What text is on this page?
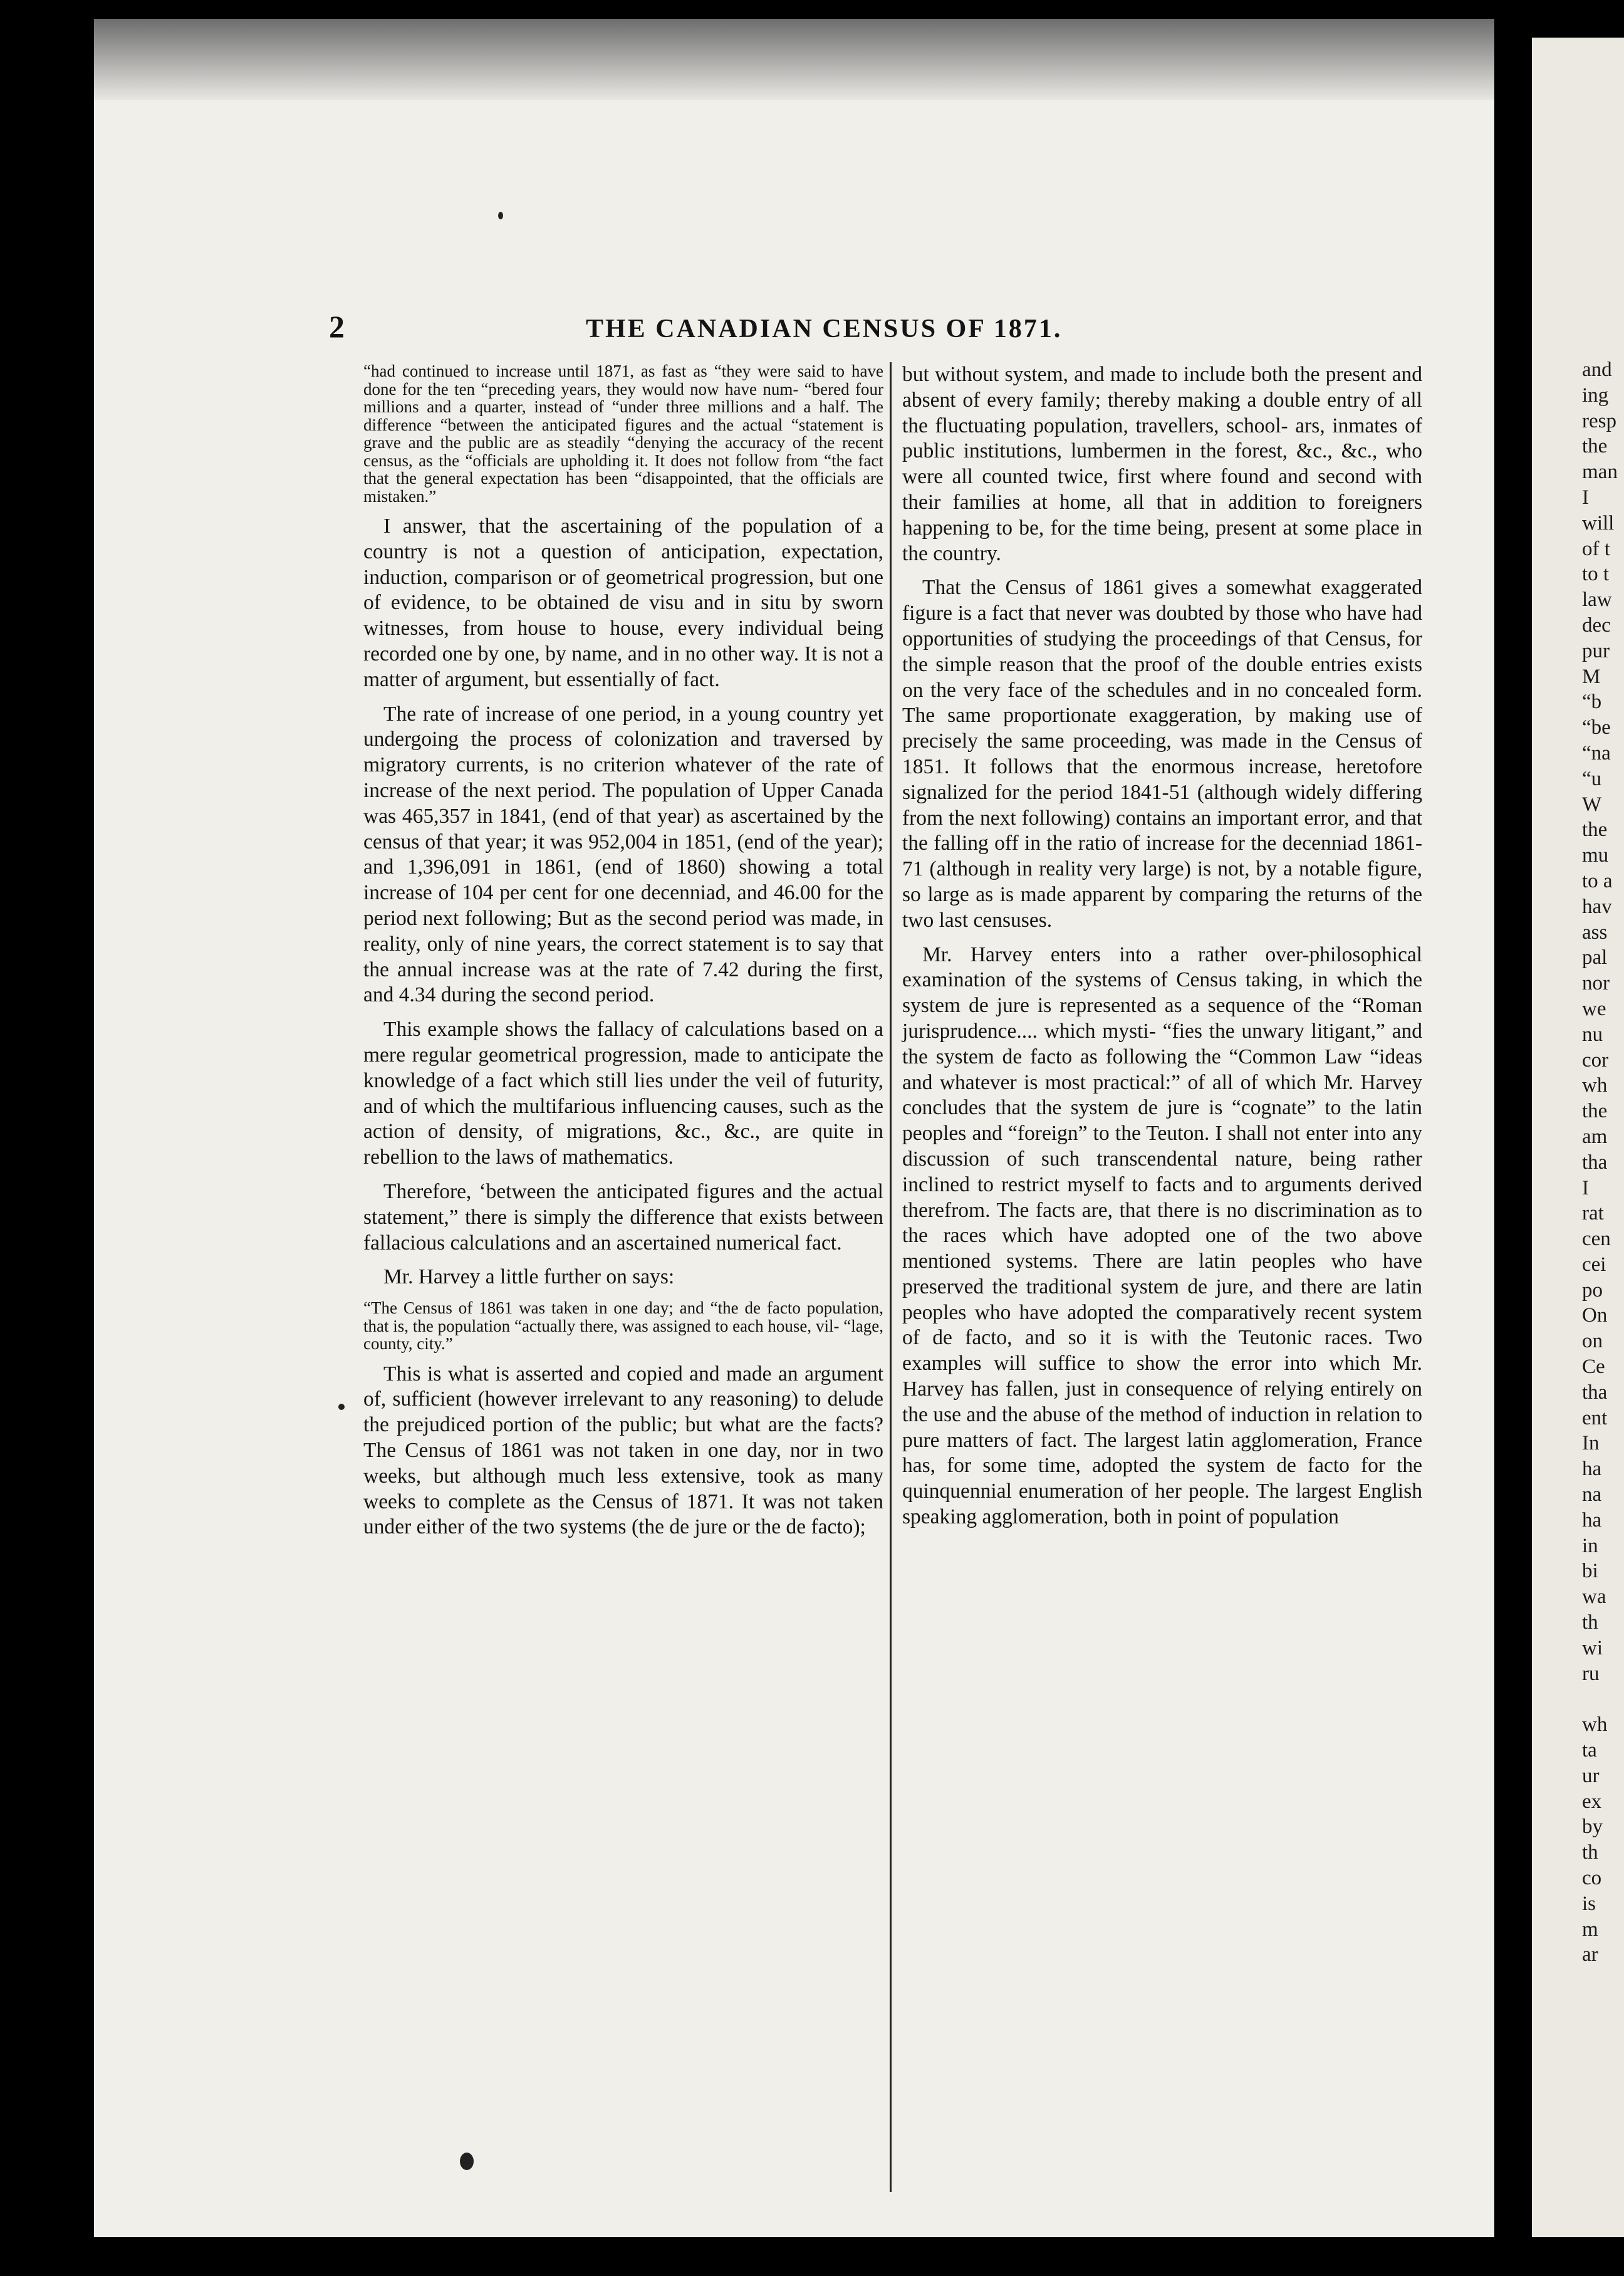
2	THE CANADIAN CENSUS OF 1871.

“had continued to increase until 1871, as fast as “they were said to have done for the ten “preceding years, they would now have num- “bered four millions and a quarter, instead of “under three millions and a half. The difference “between the anticipated figures and the actual “statement is grave and the public are as steadily “denying the accuracy of the recent census, as the “officials are upholding it. It does not follow from “the fact that the general expectation has been “disappointed, that the officials are mistaken.”

I answer, that the ascertaining of the population of a country is not a question of anticipation, expectation, induction, comparison or of geometrical progression, but one of evidence, to be obtained de visu and in situ by sworn witnesses, from house to house, every individual being recorded one by one, by name, and in no other way. It is not a matter of argument, but essentially of fact.

The rate of increase of one period, in a young country yet undergoing the process of colonization and traversed by migratory currents, is no criterion whatever of the rate of increase of the next period. The population of Upper Canada was 465,357 in 1841, (end of that year) as ascertained by the census of that year; it was 952,004 in 1851, (end of the year); and 1,396,091 in 1861, (end of 1860) showing a total increase of 104 per cent for one decenniad, and 46.00 for the period next following; But as the second period was made, in reality, only of nine years, the correct statement is to say that the annual increase was at the rate of 7.42 during the first, and 4.34 during the second period.

This example shows the fallacy of calculations based on a mere regular geometrical progression, made to anticipate the knowledge of a fact which still lies under the veil of futurity, and of which the multifarious influencing causes, such as the action of density, of migrations, &c., &c., are quite in rebellion to the laws of mathematics.

Therefore, ‘between the anticipated figures and the actual statement,” there is simply the difference that exists between fallacious calculations and an ascertained numerical fact.

Mr. Harvey a little further on says:

“The Census of 1861 was taken in one day; and “the de facto population, that is, the population “actually there, was assigned to each house, vil- “lage, county, city.”

This is what is asserted and copied and made an argument of, sufficient (however irrelevant to any reasoning) to delude the prejudiced portion of the public; but what are the facts? The Census of 1861 was not taken in one day, nor in two weeks, but although much less extensive, took as many weeks to complete as the Census of 1871. It was not taken under either of the two systems (the de jure or the de facto);

but without system, and made to include both the present and absent of every family; thereby making a double entry of all the fluctuating population, travellers, school- ars, inmates of public institutions, lumbermen in the forest, &c., &c., who were all counted twice, first where found and second with their families at home, all that in addition to foreigners happening to be, for the time being, present at some place in the country.

That the Census of 1861 gives a somewhat exaggerated figure is a fact that never was doubted by those who have had opportunities of studying the proceedings of that Census, for the simple reason that the proof of the double entries exists on the very face of the schedules and in no concealed form. The same proportionate exaggeration, by making use of precisely the same proceeding, was made in the Census of 1851. It follows that the enormous increase, heretofore signalized for the period 1841-51 (although widely differing from the next following) contains an important error, and that the falling off in the ratio of increase for the decenniad 1861-71 (although in reality very large) is not, by a notable figure, so large as is made apparent by comparing the returns of the two last censuses.

Mr. Harvey enters into a rather over-philosophical examination of the systems of Census taking, in which the system de jure is represented as a sequence of the “Roman jurisprudence.... which mysti- “fies the unwary litigant,” and the system de facto as following the “Common Law “ideas and whatever is most practical:” of all of which Mr. Harvey concludes that the system de jure is “cognate” to the latin peoples and “foreign” to the Teuton. I shall not enter into any discussion of such transcendental nature, being rather inclined to restrict myself to facts and to arguments derived therefrom. The facts are, that there is no discrimination as to the races which have adopted one of the two above mentioned systems. There are latin peoples who have preserved the traditional system de jure, and there are latin peoples who have adopted the comparatively recent system of de facto, and so it is with the Teutonic races. Two examples will suffice to show the error into which Mr. Harvey has fallen, just in consequence of relying entirely on the use and the abuse of the method of induction in relation to pure matters of fact. The largest latin agglomeration, France has, for some time, adopted the system de facto for the quinquennial enumeration of her people. The largest English speaking agglomeration, both in point of population

and
ing
resp
the
man
I
will
of t
to t
law
dec
pur
M
“b
“be
“na
“u
W
the
mu
to a
hav
ass
pal
nor
we
nu
cor
wh
the
am
tha
I
rat
cen
cei
po
On
on
Ce
tha
ent
In
ha
na
ha
in
bi
wa
th
wi
ru
wh
ta
ur
ex
by
th
co
is
m
ar
